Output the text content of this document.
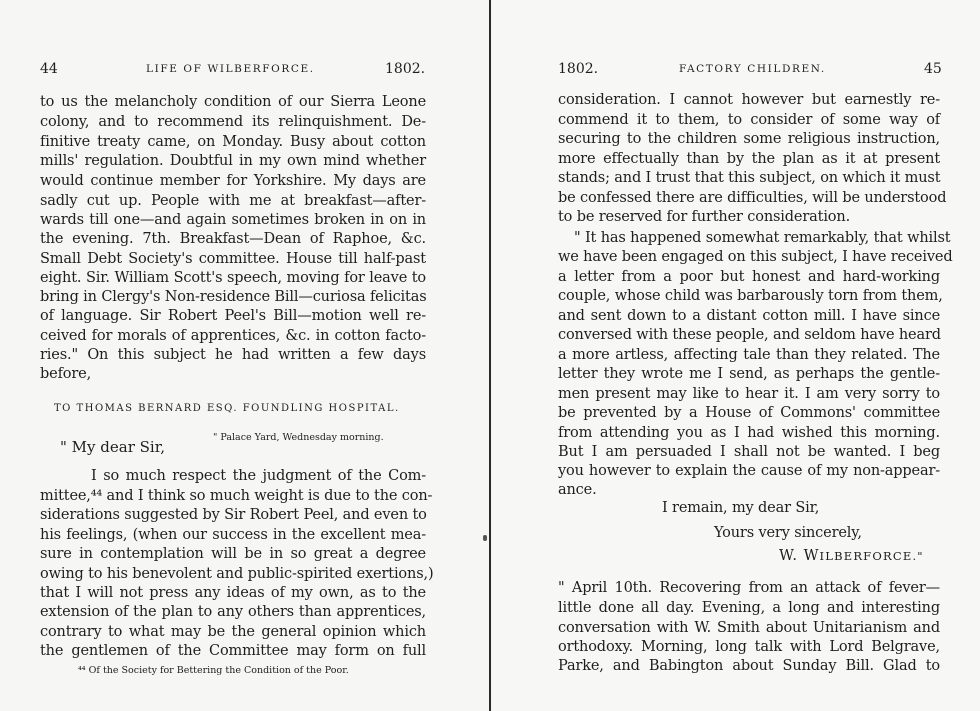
44	LIFE OF WILBERFORCE.	1802.
to us the melancholy condition of our Sierra Leone
colony, and to recommend its relinquishment. De-
finitive treaty came, on Monday. Busy about cotton
mills' regulation. Doubtful in my own mind whether
would continue member for Yorkshire. My days are
sadly cut up. People with me at breakfast—after-
wards till one—and again sometimes broken in on in
the evening. 7th. Breakfast—Dean of Raphoe, &c.
Small Debt Society's committee. House till half-past
eight. Sir. William Scott's speech, moving for leave to
bring in Clergy's Non-residence Bill—curiosa felicitas
of language. Sir Robert Peel's Bill—motion well re-
ceived for morals of apprentices, &c. in cotton facto-
ries." On this subject he had written a few days
before,
TO THOMAS BERNARD ESQ. FOUNDLING HOSPITAL.
" Palace Yard, Wednesday morning.
" My dear Sir,
I so much respect the judgment of the Com-
mittee,⁴⁴ and I think so much weight is due to the con-
siderations suggested by Sir Robert Peel, and even to
his feelings, (when our success in the excellent mea-
sure in contemplation will be in so great a degree
owing to his benevolent and public-spirited exertions,)
that I will not press any ideas of my own, as to the
extension of the plan to any others than apprentices,
contrary to what may be the general opinion which
the gentlemen of the Committee may form on full
⁴⁴ Of the Society for Bettering the Condition of the Poor.
1802.	FACTORY CHILDREN.	45
consideration. I cannot however but earnestly re-
commend it to them, to consider of some way of
securing to the children some religious instruction,
more effectually than by the plan as it at present
stands; and I trust that this subject, on which it must
be confessed there are difficulties, will be understood
to be reserved for further consideration.
" It has happened somewhat remarkably, that whilst
we have been engaged on this subject, I have received
a letter from a poor but honest and hard-working
couple, whose child was barbarously torn from them,
and sent down to a distant cotton mill. I have since
conversed with these people, and seldom have heard
a more artless, affecting tale than they related. The
letter they wrote me I send, as perhaps the gentle-
men present may like to hear it. I am very sorry to
be prevented by a House of Commons' committee
from attending you as I had wished this morning.
But I am persuaded I shall not be wanted. I beg
you however to explain the cause of my non-appear-
ance.
I remain, my dear Sir,
Yours very sincerely,
" April 10th. Recovering from an attack of fever—
little done all day. Evening, a long and interesting
conversation with W. Smith about Unitarianism and
orthodoxy. Morning, long talk with Lord Belgrave,
Parke, and Babington about Sunday Bill. Glad to
W. WILBERFORCE."
